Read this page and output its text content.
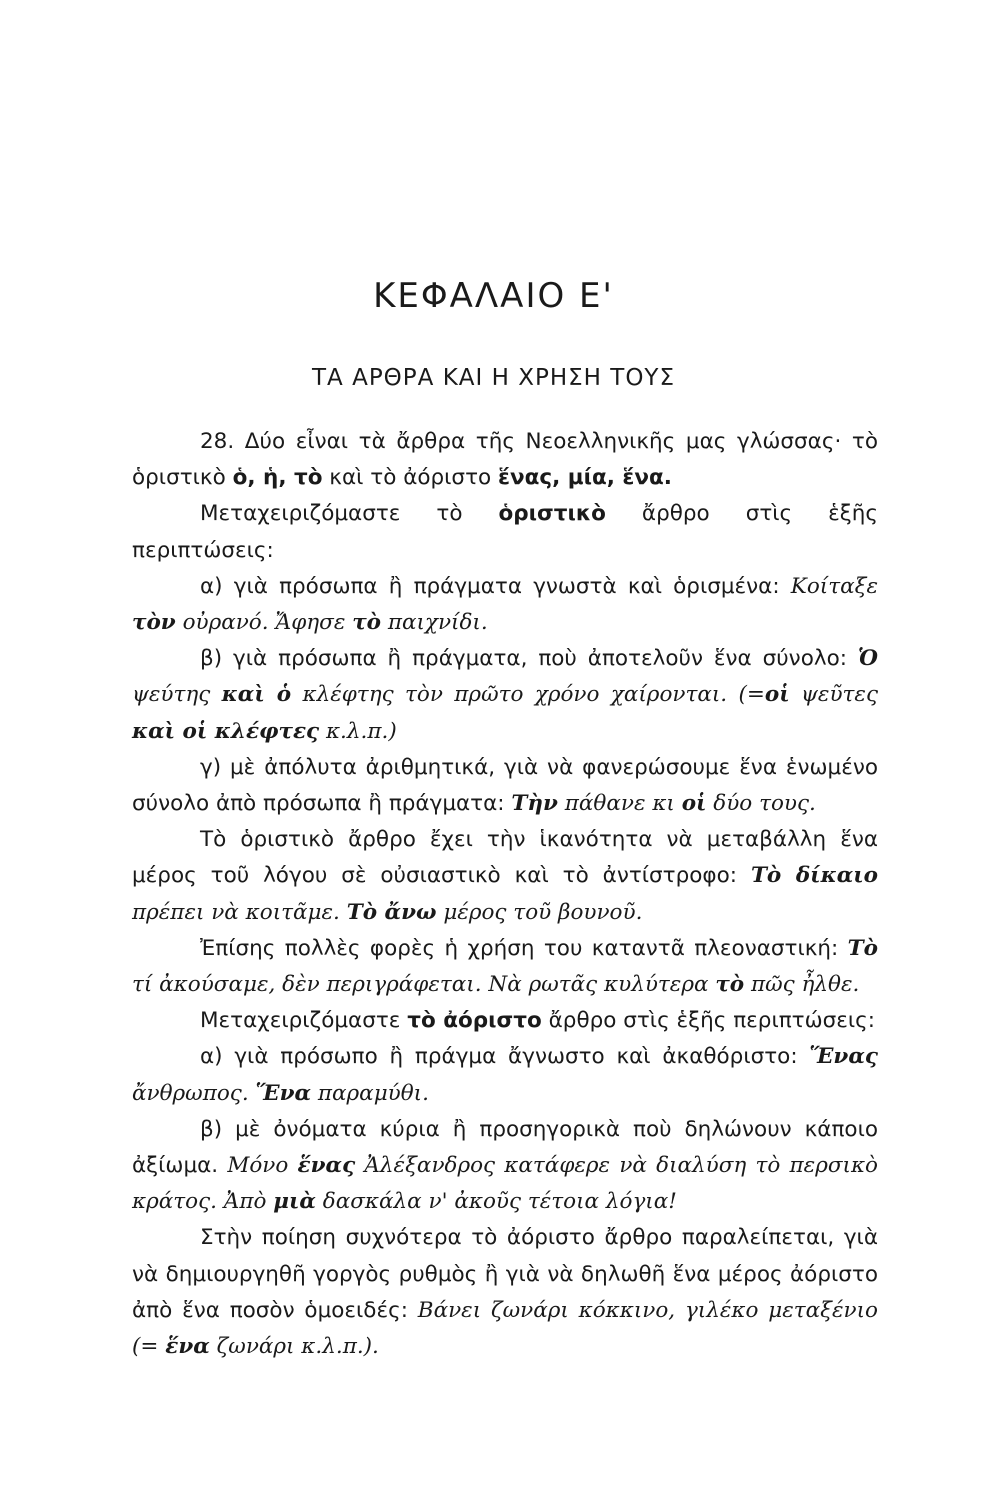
ΚΕΦΑΛΑΙΟ Ε'
ΤΑ ΑΡΘΡΑ ΚΑΙ Η ΧΡΗΣΗ ΤΟΥΣ

28. Δύο εἶναι τὰ ἄρθρα τῆς Νεοελληνικῆς μας γλώσσας· τὸ ὁριστικὸ ὁ, ἡ, τὸ καὶ τὸ ἀόριστο ἕνας, μία, ἕνα.

Μεταχειριζόμαστε τὸ ὁριστικὸ ἄρθρο στὶς ἑξῆς περιπτώσεις:

α) γιὰ πρόσωπα ἢ πράγματα γνωστὰ καὶ ὁρισμένα: Κοίταξε τὸν οὐρανό. Ἄφησε τὸ παιχνίδι.

β) γιὰ πρόσωπα ἢ πράγματα, ποὺ ἀποτελοῦν ἕνα σύνολο: Ὁ ψεύτης καὶ ὁ κλέφτης τὸν πρῶτο χρόνο χαίρονται. (=οἱ ψεῦτες καὶ οἱ κλέφτες κ.λ.π.)

γ) μὲ ἀπόλυτα ἀριθμητικά, γιὰ νὰ φανερώσουμε ἕνα ἑνωμένο σύνολο ἀπὸ πρόσωπα ἢ πράγματα: Τὴν πάθανε κι οἱ δύο τους.

Τὸ ὁριστικὸ ἄρθρο ἔχει τὴν ἱκανότητα νὰ μεταβάλλη ἕνα μέρος τοῦ λόγου σὲ οὐσιαστικὸ καὶ τὸ ἀντίστροφο: Τὸ δίκαιο πρέπει νὰ κοιτᾶμε. Τὸ ἄνω μέρος τοῦ βουνοῦ.

Ἐπίσης πολλὲς φορὲς ἡ χρήση του καταντᾶ πλεοναστική: Τὸ τί ἀκούσαμε, δὲν περιγράφεται. Νὰ ρωτᾶς κυλύτερα τὸ πῶς ἦλθε.

Μεταχειριζόμαστε τὸ ἀόριστο ἄρθρο στὶς ἑξῆς περιπτώσεις:

α) γιὰ πρόσωπο ἢ πράγμα ἄγνωστο καὶ ἀκαθόριστο: Ἕνας ἄνθρωπος. Ἕνα παραμύθι.

β) μὲ ὀνόματα κύρια ἢ προσηγορικὰ ποὺ δηλώνουν κάποιο ἀξίωμα. Μόνο ἕνας Ἀλέξανδρος κατάφερε νὰ διαλύση τὸ περσικὸ κράτος. Ἀπὸ μιὰ δασκάλα ν' ἀκοῦς τέτοια λόγια!

Στὴν ποίηση συχνότερα τὸ ἀόριστο ἄρθρο παραλείπεται, γιὰ νὰ δημιουργηθῆ γοργὸς ρυθμὸς ἢ γιὰ νὰ δηλωθῆ ἕνα μέρος ἀόριστο ἀπὸ ἕνα ποσὸν ὁμοειδές: Βάνει ζωνάρι κόκκινο, γιλέκο μεταξένιο (= ἕνα ζωνάρι κ.λ.π.).
